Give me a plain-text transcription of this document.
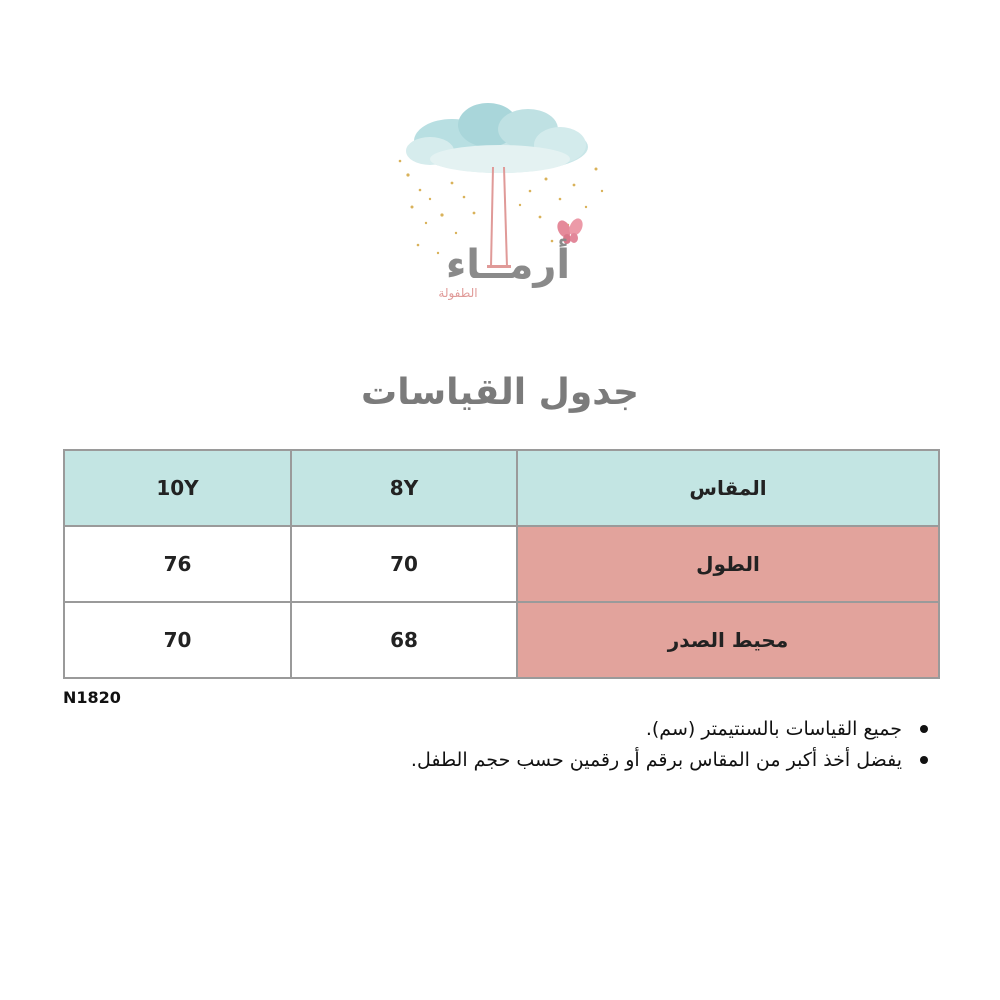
أرمــاء
الطفولة
جدول القياسات
10Y	8Y	المقاس
76	70	الطول
70	68	محيط الصدر
N1820
جميع القياسات بالسنتيمتر (سم).
يفضل أخذ أكبر من المقاس برقم أو رقمين حسب حجم الطفل.
